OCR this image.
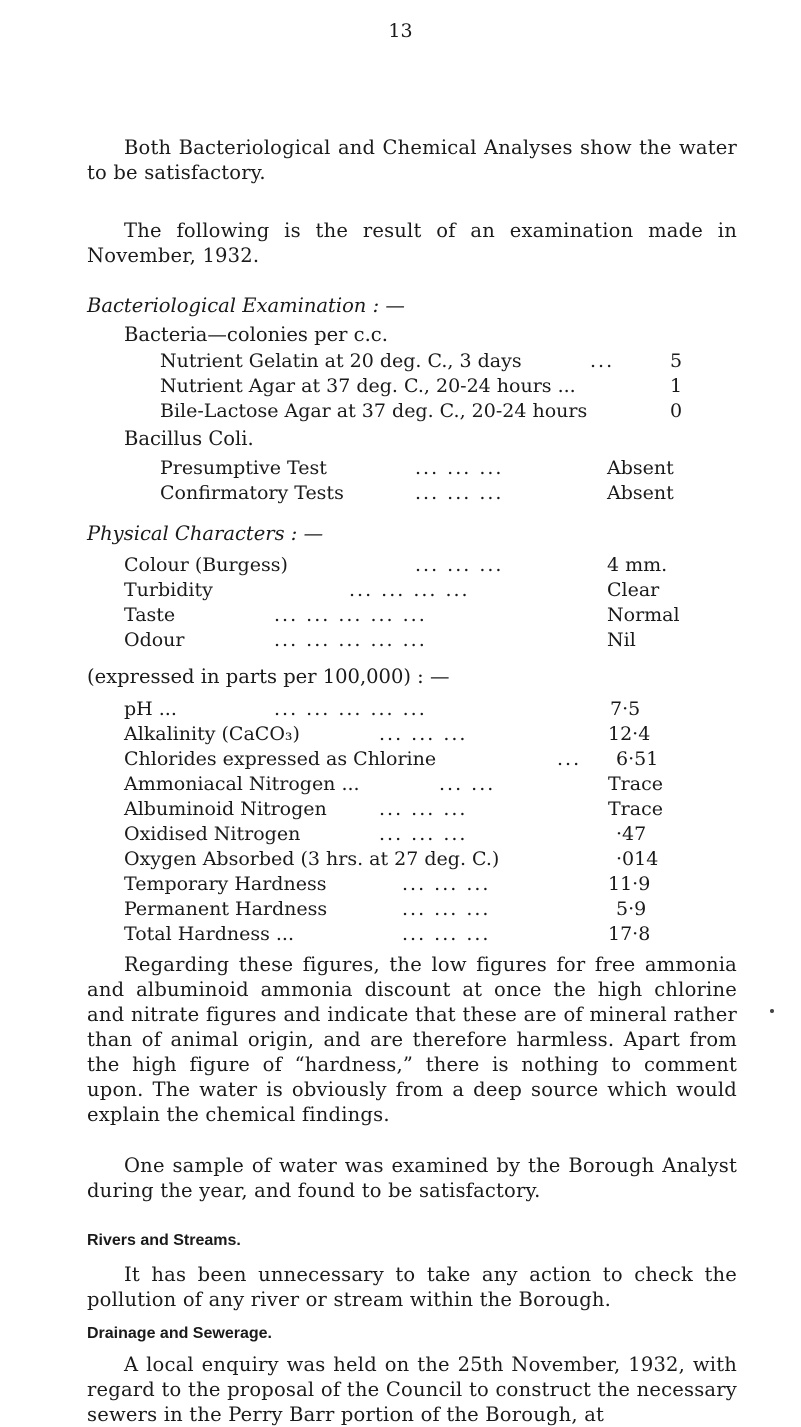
13
Both Bacteriological and Chemical Analyses show the water to be satisfactory.
The following is the result of an examination made in November, 1932.
Bacteriological Examination : —
Bacteria—colonies per c.c.
Nutrient Gelatin at 20 deg. C., 3 days	...	5
Nutrient Agar at 37 deg. C., 20-24 hours ...	1
Bile-Lactose Agar at 37 deg. C., 20-24 hours	0
Bacillus Coli.
Presumptive Test	... ... ...	Absent
Confirmatory Tests	... ... ...	Absent
Physical Characters : —
Colour (Burgess)	... ... ...	4 mm.
Turbidity	... ... ... ...	Clear
Taste	... ... ... ... ...	Normal
Odour	... ... ... ... ...	Nil
(expressed in parts per 100,000) : —
pH ...	... ... ... ... ...	7·5
Alkalinity (CaCO₃)	... ... ...	12·4
Chlorides expressed as Chlorine	... 6·51
Ammoniacal Nitrogen ...	... ...	Trace
Albuminoid Nitrogen	... ... ...	Trace
Oxidised Nitrogen	... ... ...	·47
Oxygen Absorbed (3 hrs. at 27 deg. C.)	·014
Temporary Hardness	... ... ...	11·9
Permanent Hardness	... ... ...	5·9
Total Hardness ...	... ... ...	17·8
Regarding these figures, the low figures for free ammonia and albuminoid ammonia discount at once the high chlorine and nitrate figures and indicate that these are of mineral rather than of animal origin, and are therefore harmless. Apart from the high figure of “hardness,” there is nothing to comment upon. The water is obviously from a deep source which would explain the chemical findings.
One sample of water was examined by the Borough Analyst during the year, and found to be satisfactory.
Rivers and Streams.
It has been unnecessary to take any action to check the pollution of any river or stream within the Borough.
Drainage and Sewerage.
A local enquiry was held on the 25th November, 1932, with regard to the proposal of the Council to construct the necessary sewers in the Perry Barr portion of the Borough, at
